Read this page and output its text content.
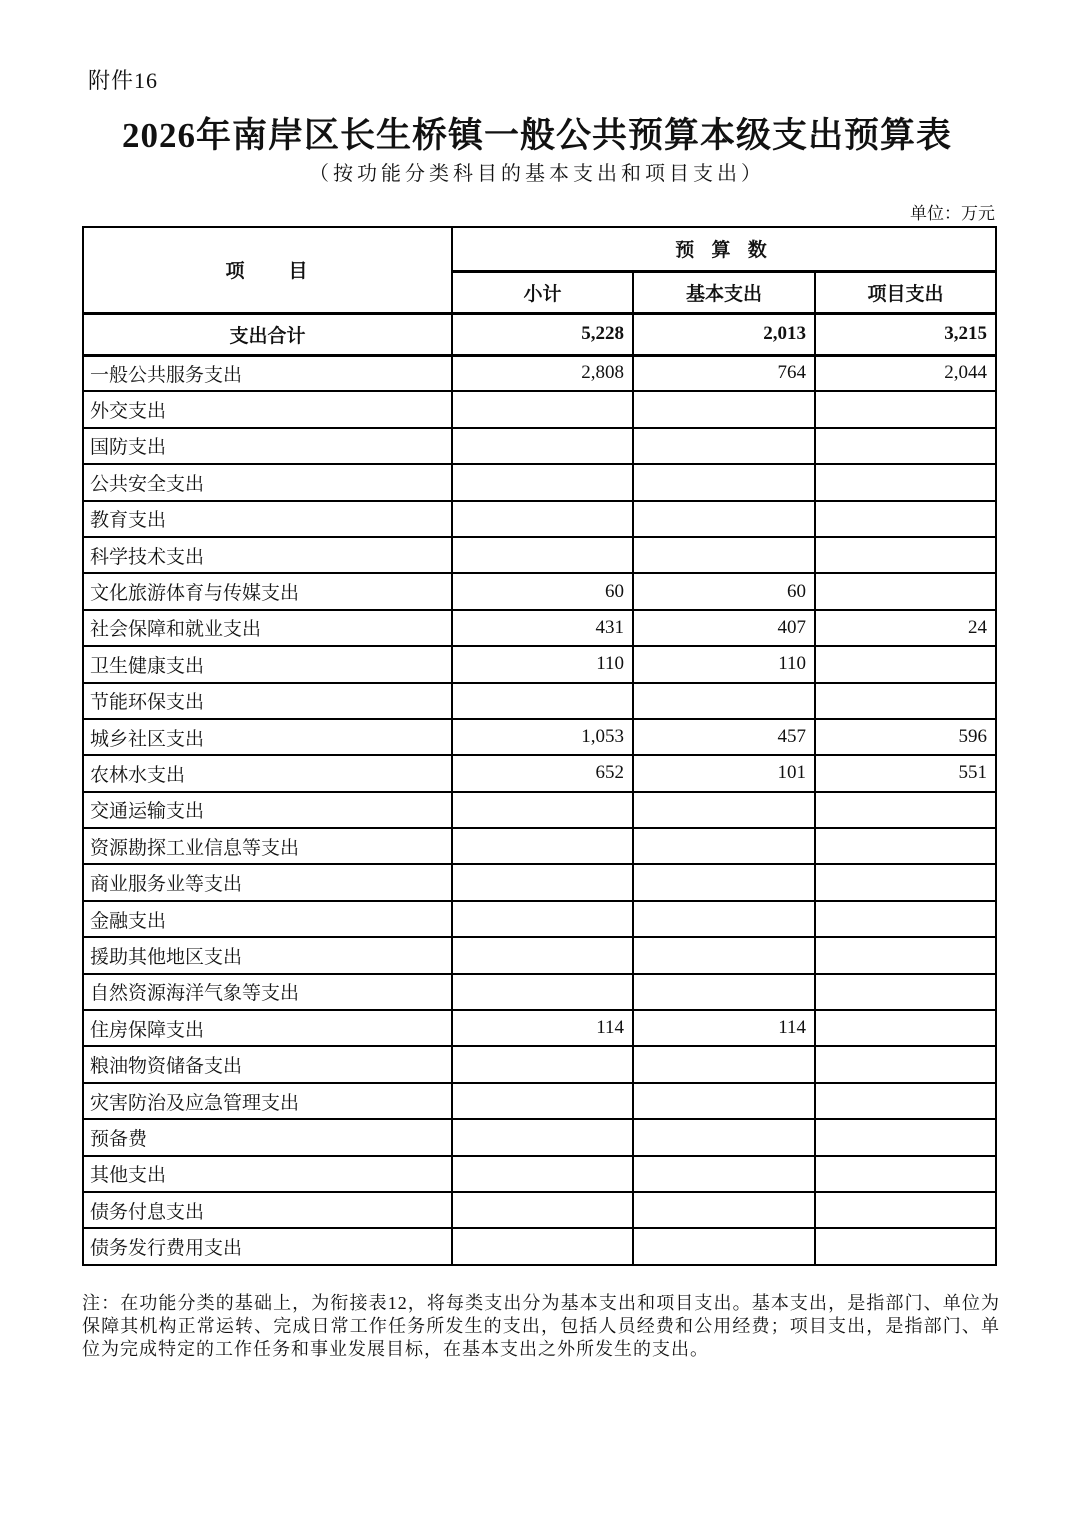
附件16
2026年南岸区长生桥镇一般公共预算本级支出预算表
（按功能分类科目的基本支出和项目支出）
单位：万元
项　　目	预 算 数		
	小计	基本支出	项目支出
支出合计	5,228	2,013	3,215
一般公共服务支出	2,808	764	2,044
外交支出			
国防支出			
公共安全支出			
教育支出			
科学技术支出			
文化旅游体育与传媒支出	60	60	
社会保障和就业支出	431	407	24
卫生健康支出	110	110	
节能环保支出			
城乡社区支出	1,053	457	596
农林水支出	652	101	551
交通运输支出			
资源勘探工业信息等支出			
商业服务业等支出			
金融支出			
援助其他地区支出			
自然资源海洋气象等支出			
住房保障支出	114	114	
粮油物资储备支出			
灾害防治及应急管理支出			
预备费			
其他支出			
债务付息支出			
债务发行费用支出			

注：在功能分类的基础上，为衔接表12，将每类支出分为基本支出和项目支出。基本支出，是指部门、单位为保障其机构正常运转、完成日常工作任务所发生的支出，包括人员经费和公用经费；项目支出，是指部门、单位为完成特定的工作任务和事业发展目标，在基本支出之外所发生的支出。
